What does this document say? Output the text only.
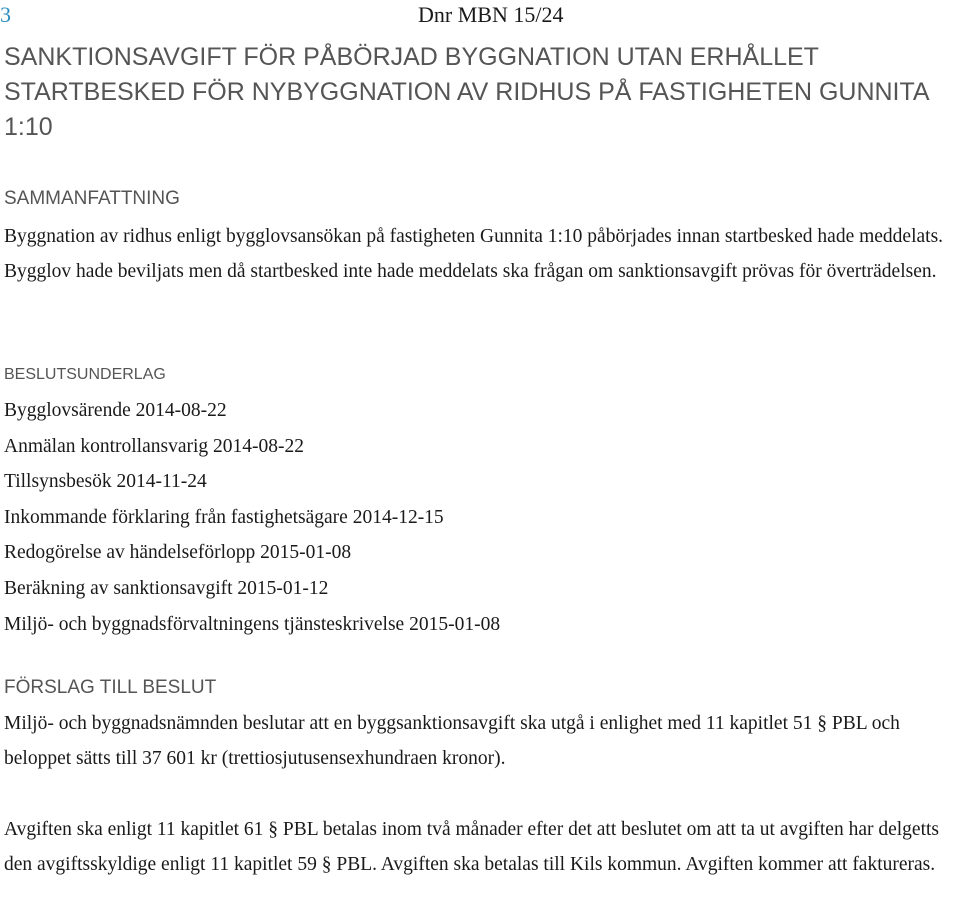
3	Dnr MBN 15/24
SANKTIONSAVGIFT FÖR PÅBÖRJAD BYGGNATION UTAN ERHÅLLET STARTBESKED FÖR NYBYGGNATION AV RIDHUS PÅ FASTIGHETEN GUNNITA 1:10
SAMMANFATTNING

Byggnation av ridhus enligt bygglovsansökan på fastigheten Gunnita 1:10 påbörjades innan startbesked hade meddelats. Bygglov hade beviljats men då startbesked inte hade meddelats ska frågan om sanktionsavgift prövas för överträdelsen.

BESLUTSUNDERLAG
Bygglovsärende 2014-08-22
Anmälan kontrollansvarig 2014-08-22
Tillsynsbesök 2014-11-24
Inkommande förklaring från fastighetsägare 2014-12-15
Redogörelse av händelseförlopp 2015-01-08
Beräkning av sanktionsavgift 2015-01-12
Miljö- och byggnadsförvaltningens tjänsteskrivelse 2015-01-08
FÖRSLAG TILL BESLUT

Miljö- och byggnadsnämnden beslutar att en byggsanktionsavgift ska utgå i enlighet med 11 kapitlet 51 § PBL och beloppet sätts till 37 601 kr (trettiosjutusensexhundraen kronor).

Avgiften ska enligt 11 kapitlet 61 § PBL betalas inom två månader efter det att beslutet om att ta ut avgiften har delgetts den avgiftsskyldige enligt 11 kapitlet 59 § PBL. Avgiften ska betalas till Kils kommun. Avgiften kommer att faktureras.
